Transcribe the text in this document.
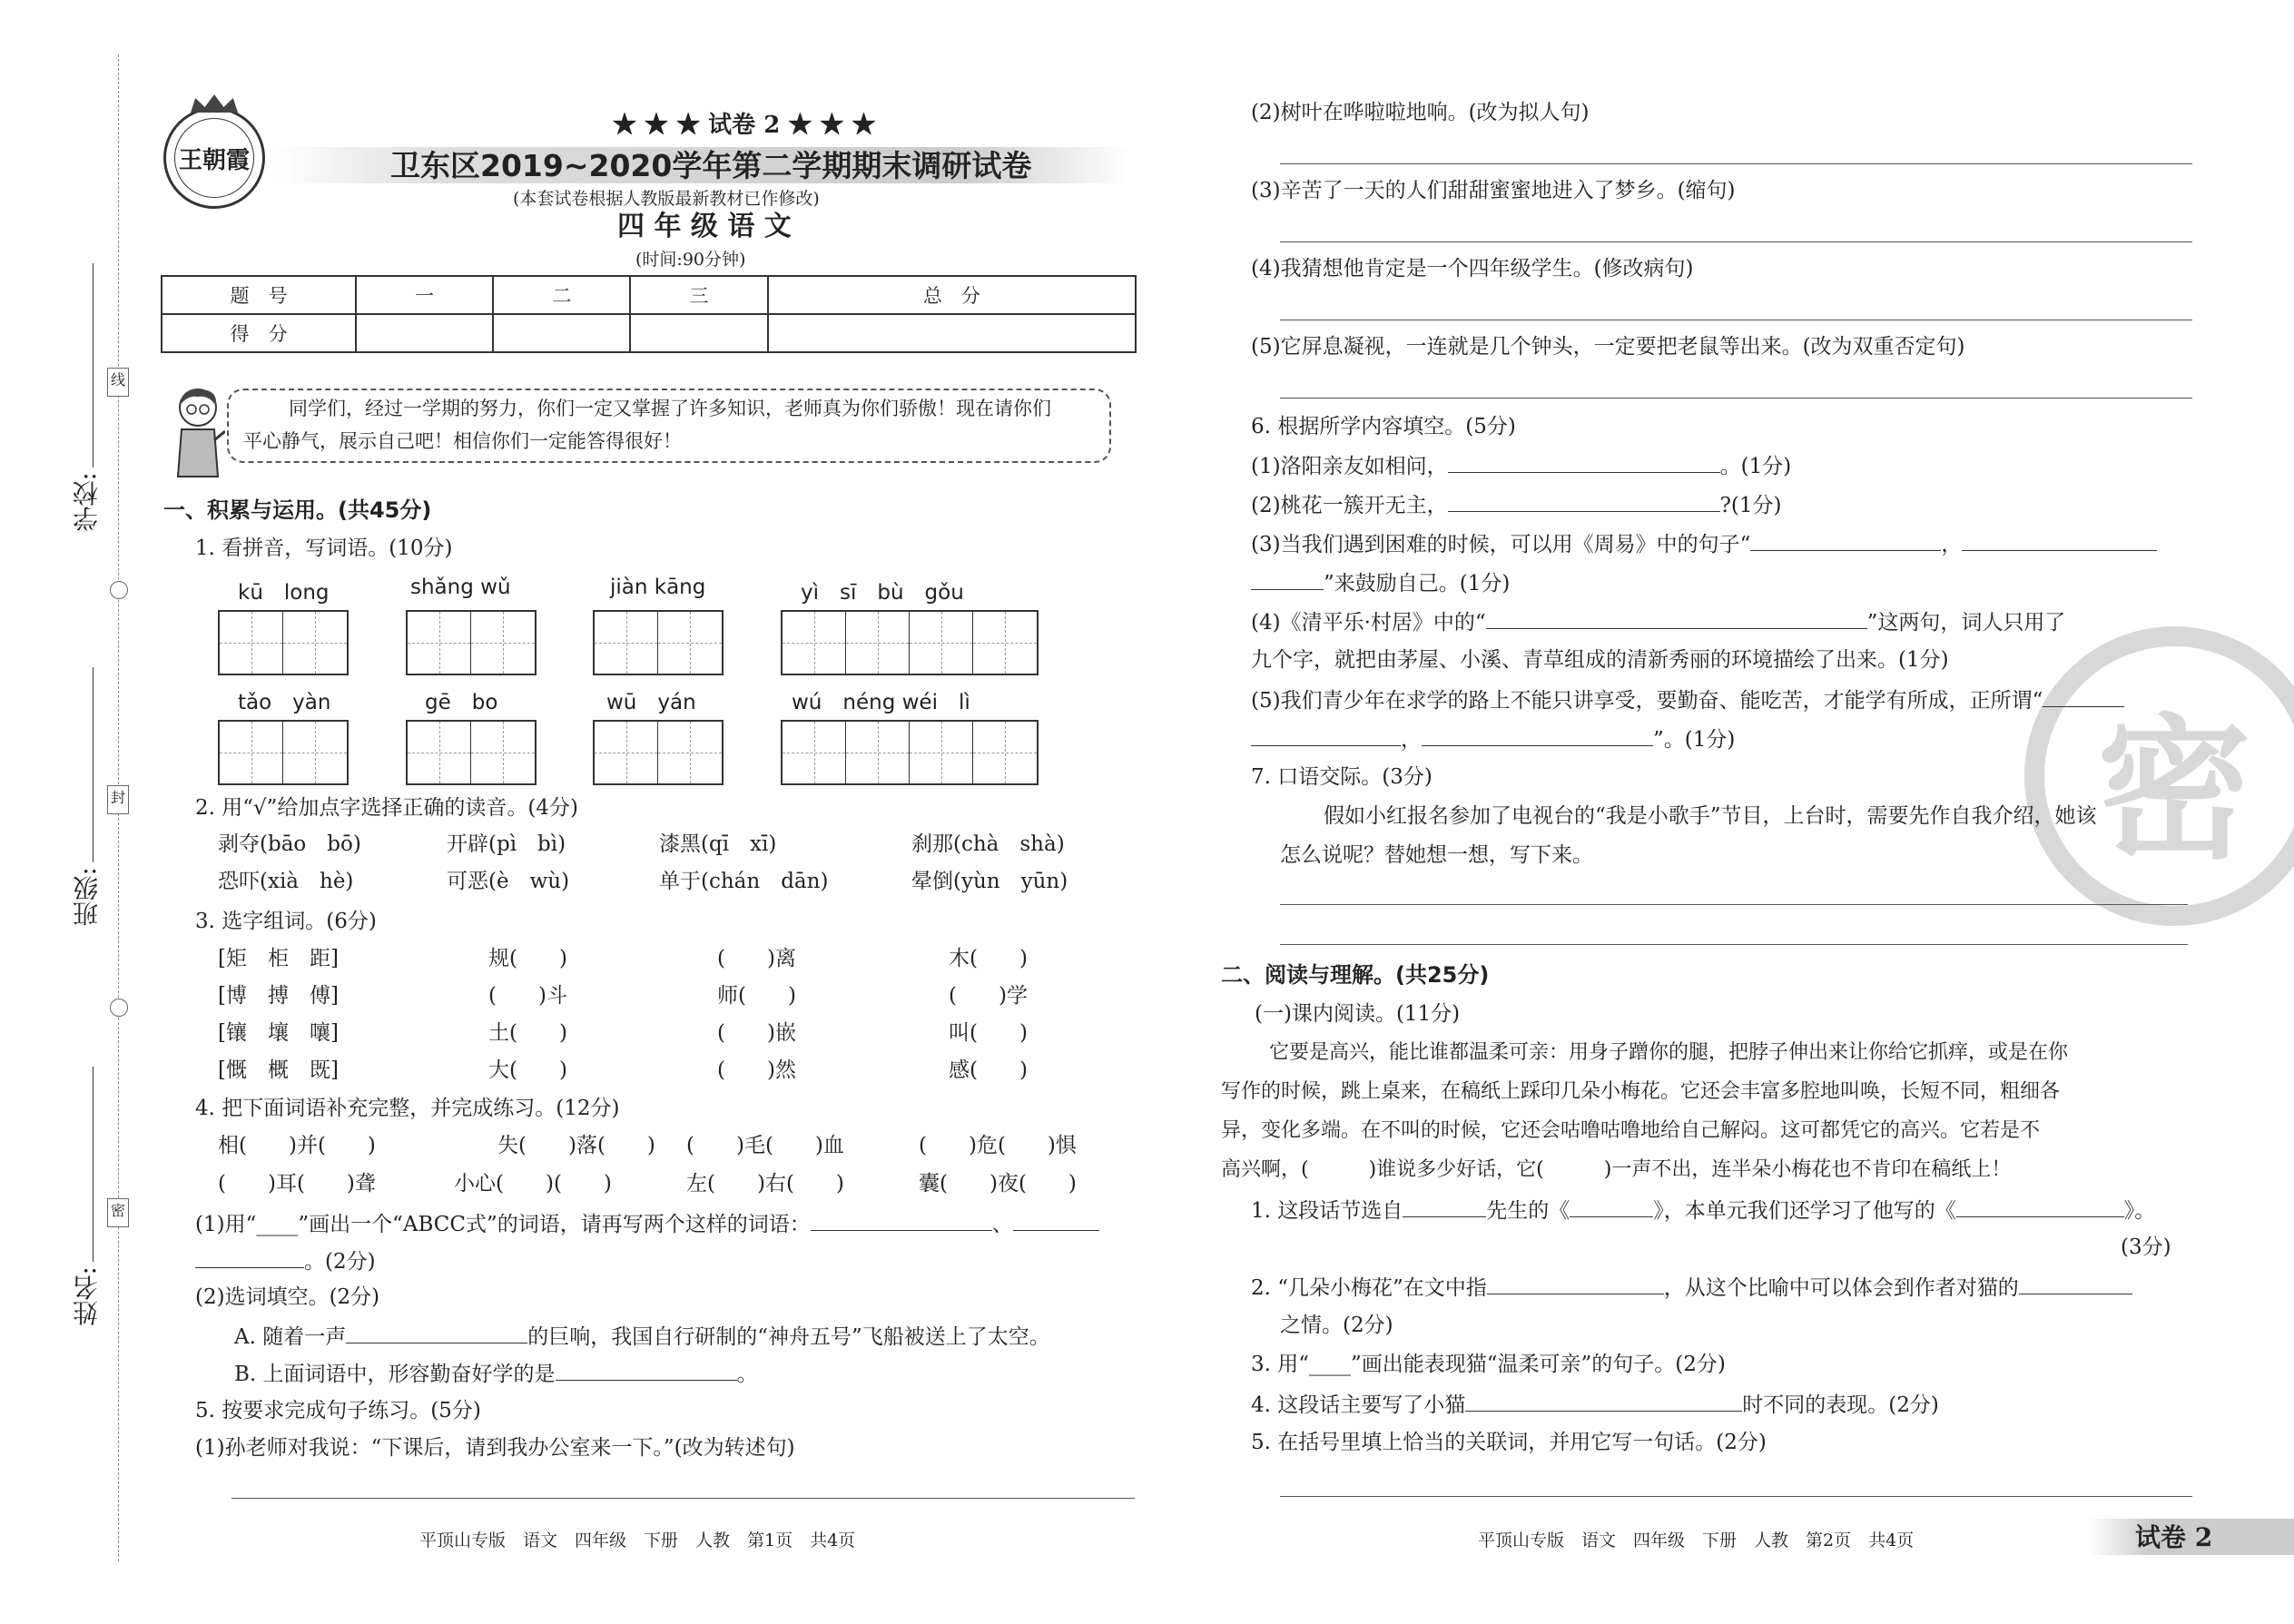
线
封
密
学校:
班级:
姓名:
王朝霞
★ ★ ★ 试卷 2 ★ ★ ★
卫东区2019~2020学年第二学期期末调研试卷
(本套试卷根据人教版最新教材已作修改)
四 年 级 语 文
(时间:90分钟)
题　号	一	二	三	总　分
得　分				
同学们，经过一学期的努力，你们一定又掌握了许多知识，老师真为你们骄傲！现在请你们
平心静气，展示自己吧！相信你们一定能答得很好！
一、积累与运用。(共45分)
1. 看拼音，写词语。(10分)
kū　long	shǎng wǔ	jiàn kāng	yì　sī　bù　gǒu
tǎo　yàn	gē　bo	wū　yán	wú　néng wéi　lì
2. 用“√”给加点字选择正确的读音。(4分)
剥夺(bāo　bō)	开辟(pì　bì)	漆黑(qī　xī)	刹那(chà　shà)
恐吓(xià　hè)	可恶(è　wù)	单于(chán　dān)	晕倒(yùn　yūn)
3. 选字组词。(6分)
[矩　柜　距]	规(　　)	(　　)离	木(　　)
[博　搏　傅]	(　　)斗	师(　　)	(　　)学
[镶　壤　嚷]	土(　　)	(　　)嵌	叫(　　)
[慨　概　既]	大(　　)	(　　)然	感(　　)
4. 把下面词语补充完整，并完成练习。(12分)
相(　　)并(　　)	失(　　)落(　　) (　　)毛(　　)血	(　　)危(　　)惧
(　　)耳(　　)聋	小心(　　)(　　)	左(　　)右(　　)	囊(　　)夜(　　)
(1)用“____”画出一个“ABCC式”的词语，请再写两个这样的词语：	、
。(2分)
(2)选词填空。(2分)
A. 随着一声	的巨响，我国自行研制的“神舟五号”飞船被送上了太空。
B. 上面词语中，形容勤奋好学的是	。
5. 按要求完成句子练习。(5分)
(1)孙老师对我说：“下课后，请到我办公室来一下。”(改为转述句)
平顶山专版　语文　四年级　下册　人教　第1页　共4页
密
(2)树叶在哗啦啦地响。(改为拟人句)
(3)辛苦了一天的人们甜甜蜜蜜地进入了梦乡。(缩句)
(4)我猜想他肯定是一个四年级学生。(修改病句)
(5)它屏息凝视，一连就是几个钟头，一定要把老鼠等出来。(改为双重否定句)
6. 根据所学内容填空。(5分)
(1)洛阳亲友如相问，	。(1分)
(2)桃花一簇开无主，	?(1分)
(3)当我们遇到困难的时候，可以用《周易》中的句子“	，
”来鼓励自己。(1分)
(4)《清平乐·村居》中的“	”这两句，词人只用了
九个字，就把由茅屋、小溪、青草组成的清新秀丽的环境描绘了出来。(1分)
(5)我们青少年在求学的路上不能只讲享受，要勤奋、能吃苦，才能学有所成，正所谓“
，	”。(1分)
7. 口语交际。(3分)
假如小红报名参加了电视台的“我是小歌手”节目，上台时，需要先作自我介绍，她该
怎么说呢？替她想一想，写下来。
二、阅读与理解。(共25分)
(一)课内阅读。(11分)
它要是高兴，能比谁都温柔可亲：用身子蹭你的腿，把脖子伸出来让你给它抓痒，或是在你
写作的时候，跳上桌来，在稿纸上踩印几朵小梅花。它还会丰富多腔地叫唤，长短不同，粗细各
异，变化多端。在不叫的时候，它还会咕噜咕噜地给自己解闷。这可都凭它的高兴。它若是不
高兴啊，(　　　)谁说多少好话，它(　　　)一声不出，连半朵小梅花也不肯印在稿纸上！
1. 这段话节选自	先生的《	》，本单元我们还学习了他写的《	》。
(3分)
2. “几朵小梅花”在文中指	，从这个比喻中可以体会到作者对猫的
之情。(2分)
3. 用“____”画出能表现猫“温柔可亲”的句子。(2分)
4. 这段话主要写了小猫	时不同的表现。(2分)
5. 在括号里填上恰当的关联词，并用它写一句话。(2分)
平顶山专版　语文　四年级　下册　人教　第2页　共4页	试卷 2
